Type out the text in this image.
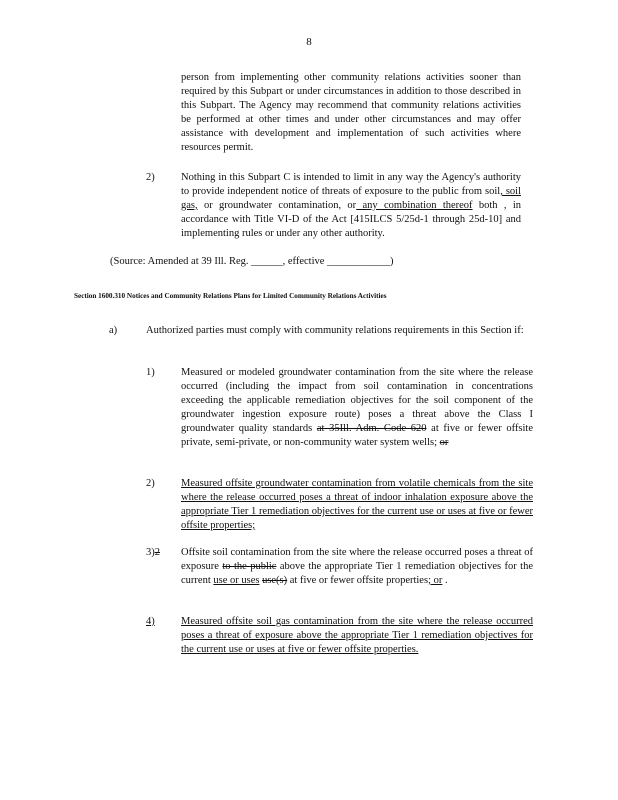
8

person from implementing other community relations activities sooner than required by this Subpart or under circumstances in addition to those described in this Subpart. The Agency may recommend that community relations activities be performed at other times and under other circumstances and may offer assistance with development and implementation of such activities where resources permit.

2)	Nothing in this Subpart C is intended to limit in any way the Agency's authority to provide independent notice of threats of exposure to the public from soil, soil gas, or groundwater contamination, or any combination thereof both , in accordance with Title VI-D of the Act [415ILCS 5/25d-1 through 25d-10] and implementing rules or under any other authority.

(Source: Amended at 39 Ill. Reg. ______, effective ____________)

Section 1600.310 Notices and Community Relations Plans for Limited Community Relations Activities

a)	Authorized parties must comply with community relations requirements in this Section if:

1)	Measured or modeled groundwater contamination from the site where the release occurred (including the impact from soil contamination in concentrations exceeding the applicable remediation objectives for the soil component of the groundwater ingestion exposure route) poses a threat above the Class I groundwater quality standards at 35Ill. Adm. Code 620 at five or fewer offsite private, semi-private, or non-community water system wells; or

2)	Measured offsite groundwater contamination from volatile chemicals from the site where the release occurred poses a threat of indoor inhalation exposure above the appropriate Tier 1 remediation objectives for the current use or uses at five or fewer offsite properties;

3)2 Offsite soil contamination from the site where the release occurred poses a threat of exposure to the public above the appropriate Tier 1 remediation objectives for the current use or uses use(s) at five or fewer offsite properties; or .

4)	Measured offsite soil gas contamination from the site where the release occurred poses a threat of exposure above the appropriate Tier 1 remediation objectives for the current use or uses at five or fewer offsite properties.
